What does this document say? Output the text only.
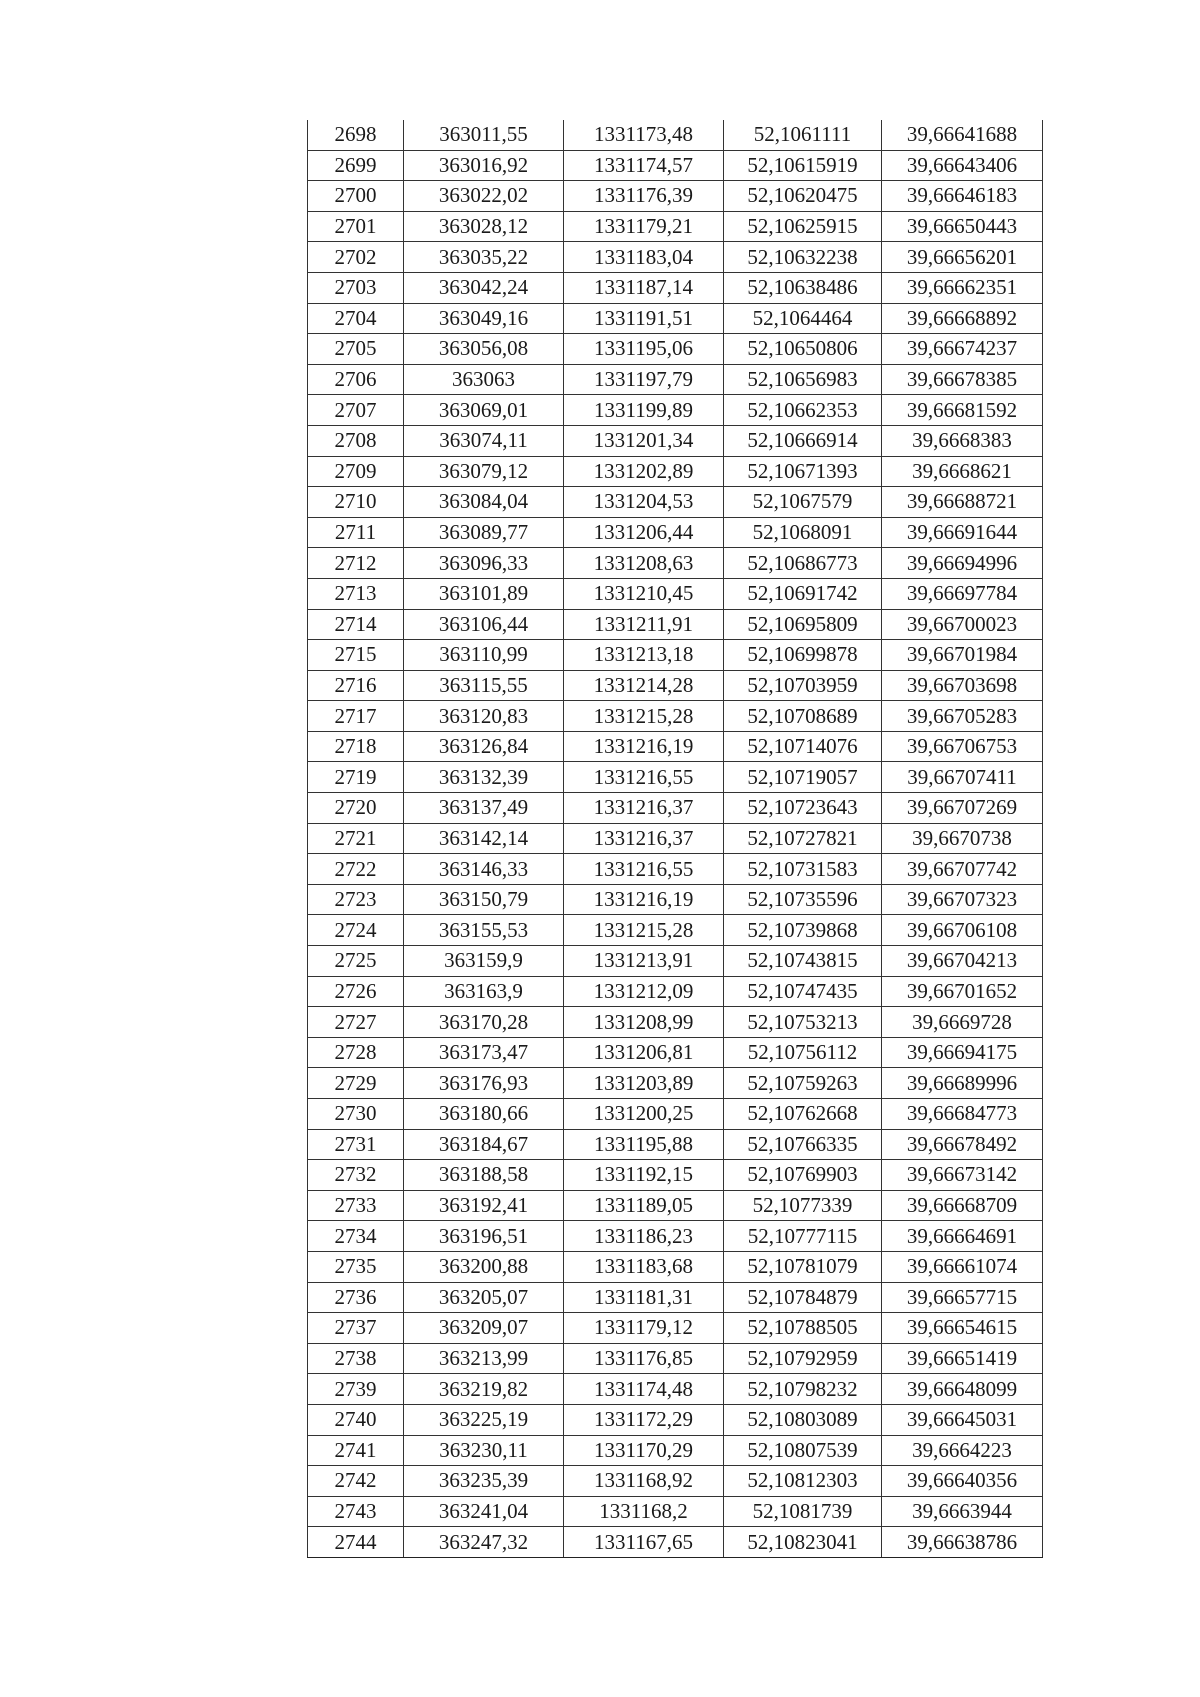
2698	363011,55	1331173,48	52,1061111	39,66641688
2699	363016,92	1331174,57	52,10615919	39,66643406
2700	363022,02	1331176,39	52,10620475	39,66646183
2701	363028,12	1331179,21	52,10625915	39,66650443
2702	363035,22	1331183,04	52,10632238	39,66656201
2703	363042,24	1331187,14	52,10638486	39,66662351
2704	363049,16	1331191,51	52,1064464	39,66668892
2705	363056,08	1331195,06	52,10650806	39,66674237
2706	363063	1331197,79	52,10656983	39,66678385
2707	363069,01	1331199,89	52,10662353	39,66681592
2708	363074,11	1331201,34	52,10666914	39,6668383
2709	363079,12	1331202,89	52,10671393	39,6668621
2710	363084,04	1331204,53	52,1067579	39,66688721
2711	363089,77	1331206,44	52,1068091	39,66691644
2712	363096,33	1331208,63	52,10686773	39,66694996
2713	363101,89	1331210,45	52,10691742	39,66697784
2714	363106,44	1331211,91	52,10695809	39,66700023
2715	363110,99	1331213,18	52,10699878	39,66701984
2716	363115,55	1331214,28	52,10703959	39,66703698
2717	363120,83	1331215,28	52,10708689	39,66705283
2718	363126,84	1331216,19	52,10714076	39,66706753
2719	363132,39	1331216,55	52,10719057	39,66707411
2720	363137,49	1331216,37	52,10723643	39,66707269
2721	363142,14	1331216,37	52,10727821	39,6670738
2722	363146,33	1331216,55	52,10731583	39,66707742
2723	363150,79	1331216,19	52,10735596	39,66707323
2724	363155,53	1331215,28	52,10739868	39,66706108
2725	363159,9	1331213,91	52,10743815	39,66704213
2726	363163,9	1331212,09	52,10747435	39,66701652
2727	363170,28	1331208,99	52,10753213	39,6669728
2728	363173,47	1331206,81	52,10756112	39,66694175
2729	363176,93	1331203,89	52,10759263	39,66689996
2730	363180,66	1331200,25	52,10762668	39,66684773
2731	363184,67	1331195,88	52,10766335	39,66678492
2732	363188,58	1331192,15	52,10769903	39,66673142
2733	363192,41	1331189,05	52,1077339	39,66668709
2734	363196,51	1331186,23	52,10777115	39,66664691
2735	363200,88	1331183,68	52,10781079	39,66661074
2736	363205,07	1331181,31	52,10784879	39,66657715
2737	363209,07	1331179,12	52,10788505	39,66654615
2738	363213,99	1331176,85	52,10792959	39,66651419
2739	363219,82	1331174,48	52,10798232	39,66648099
2740	363225,19	1331172,29	52,10803089	39,66645031
2741	363230,11	1331170,29	52,10807539	39,6664223
2742	363235,39	1331168,92	52,10812303	39,66640356
2743	363241,04	1331168,2	52,1081739	39,6663944
2744	363247,32	1331167,65	52,10823041	39,66638786
